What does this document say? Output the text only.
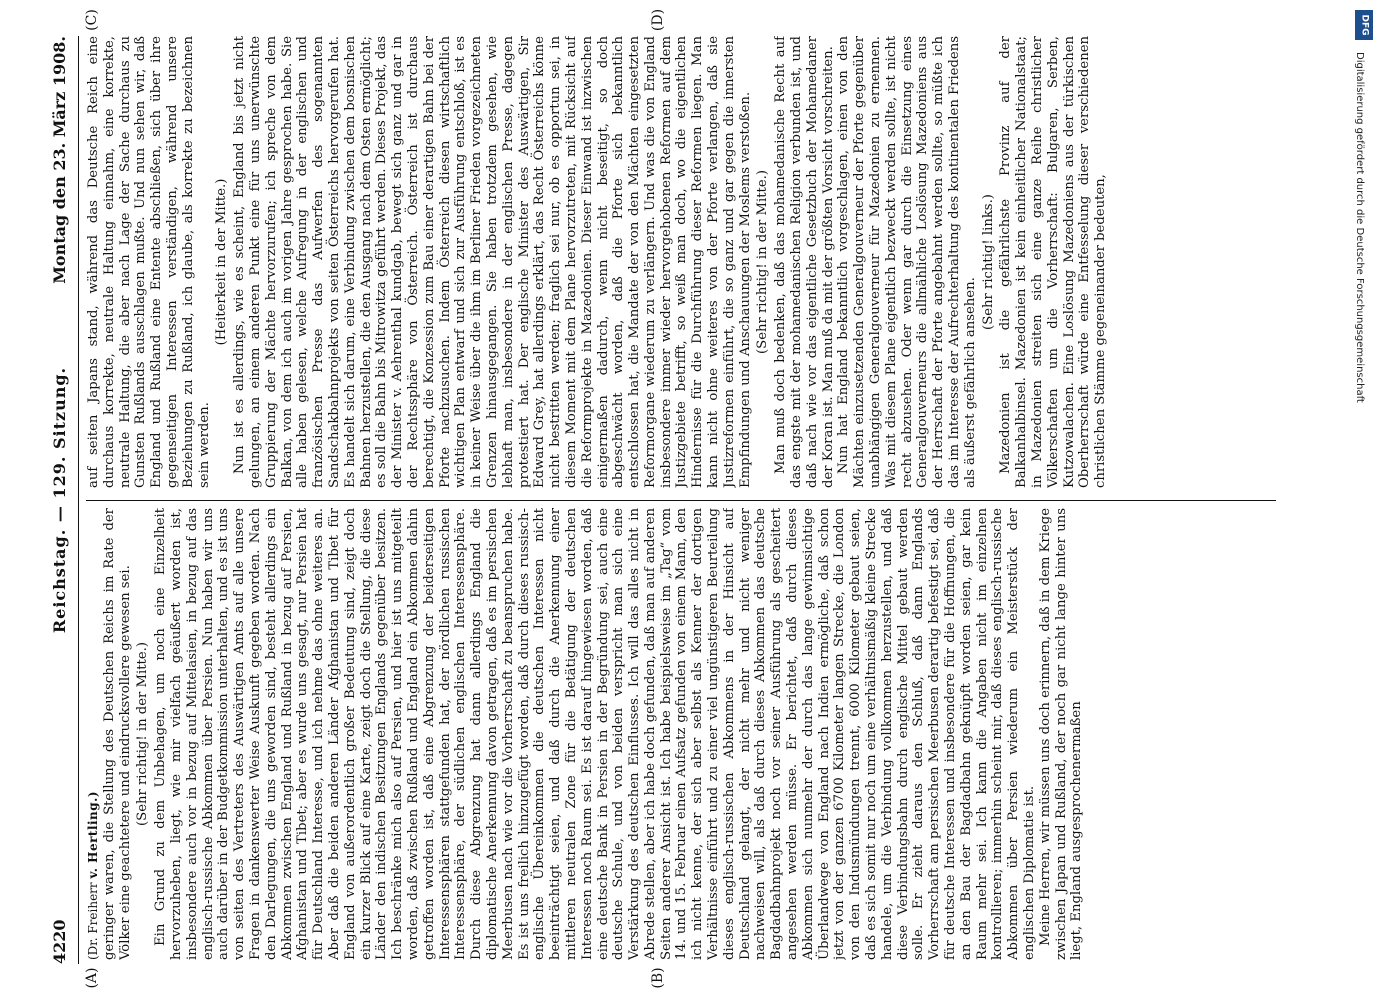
4220
Reichstag. — 129. Sitzung.
Montag den 23. März 1908.
(A)	(B)
(C)	(D)

(Dr. Freiherr v. Hertling.) geringer waren, die Stellung des Deutschen Reichs im Rate der Völker eine geachtetere und eindrucksvollere gewesen sei. (Sehr richtig! in der Mitte.) Ein Grund zu dem Unbehagen, um noch eine Einzelheit hervorzuheben, liegt, wie mir vielfach geäußert worden ist, insbesondere auch vor in bezug auf Mittelasien, in bezug auf das englisch-russische Abkommen über Persien. Nun haben wir uns auch darüber in der Budgetkommission unterhalten, und es ist uns von seiten des Vertreters des Auswärtigen Amts auf alle unsere Fragen in dankenswerter Weise Auskunft gegeben worden. Nach den Darlegungen, die uns geworden sind, besteht allerdings ein Abkommen zwischen England und Rußland in bezug auf Persien, Afghanistan und Tibet; aber es wurde uns gesagt, nur Persien hat für Deutschland Interesse, und ich nehme das ohne weiteres an. Aber daß die beiden anderen Länder Afghanistan und Tibet für England von außerordentlich großer Bedeutung sind, zeigt doch ein kurzer Blick auf eine Karte, zeigt doch die Stellung, die diese Länder den indischen Besitzungen Englands gegenüber besitzen. Ich beschränke mich also auf Persien, und hier ist uns mitgeteilt worden, daß zwischen Rußland und England ein Abkommen dahin getroffen worden ist, daß eine Abgrenzung der beiderseitigen Interessensphären stattgefunden hat, der nördlichen russischen Interessensphäre, der südlichen englischen Interessensphäre. Durch diese Abgrenzung hat dann allerdings England die diplomatische Anerkennung davon getragen, daß es im persischen Meerbusen nach wie vor die Vorherrschaft zu beanspruchen habe. Es ist uns freilich hinzugefügt worden, daß durch dieses russisch-englische Übereinkommen die deutschen Interessen nicht beeinträchtigt seien, und daß durch die Anerkennung einer mittleren neutralen Zone für die Betätigung der deutschen Interessen noch Raum sei. Es ist darauf hingewiesen worden, daß eine deutsche Bank in Persien in der Begründung sei, auch eine deutsche Schule, und von beiden verspricht man sich eine Verstärkung des deutschen Einflusses. Ich will das alles nicht in Abrede stellen, aber ich habe doch gefunden, daß man auf anderen Seiten anderer Ansicht ist. Ich habe beispielsweise im „Tag“ vom 14. und 15. Februar einen Aufsatz gefunden von einem Mann, den ich nicht kenne, der sich aber selbst als Kenner der dortigen Verhältnisse einführt und zu einer viel ungünstigeren Beurteilung dieses englisch-russischen Abkommens in der Hinsicht auf Deutschland gelangt, der nicht mehr und nicht weniger nachweisen will, als daß durch dieses Abkommen das deutsche Bagdadbahnprojekt noch vor seiner Ausführung als gescheitert angesehen werden müsse. Er berichtet, daß durch dieses Abkommen sich nunmehr der durch das lange gewinnsichtige Überlandwege von England nach Indien ermögliche, daß schon jetzt von der ganzen 6700 Kilometer langen Strecke, die London von den Indusmündungen trennt, 6000 Kilometer gebaut seien, daß es sich somit nur noch um eine verhältnismäßig kleine Strecke handele, um die Verbindung vollkommen herzustellen, und daß diese Verbindungsbahn durch englische Mittel gebaut werden solle. Er zieht daraus den Schluß, daß dann Englands Vorherrschaft am persischen Meerbusen derartig befestigt sei, daß für deutsche Interessen und insbesondere für die Hoffnungen, die an den Bau der Bagdadbahn geknüpft worden seien, gar kein Raum mehr sei. Ich kann die Angaben nicht im einzelnen kontrollieren; immerhin scheint mir, daß dieses englisch-russische Abkommen über Persien wiederum ein Meisterstück der englischen Diplomatie ist. Meine Herren, wir müssen uns doch erinnern, daß in dem Kriege zwischen Japan und Rußland, der noch gar nicht lange hinter uns liegt, England ausgesprochenermaßen

auf seiten Japans stand, während das Deutsche Reich eine durchaus korrekte, neutrale Haltung einnahm, eine korrekte, neutrale Haltung, die aber nach Lage der Sache durchaus zu Gunsten Rußlands ausschlagen mußte. Und nun sehen wir, daß England und Rußland eine Entente abschließen, sich über ihre gegenseitigen Interessen verständigen, während unsere Beziehungen zu Rußland, ich glaube, als korrekte zu bezeichnen sein werden.

(Heiterkeit in der Mitte.) Nun ist es allerdings, wie es scheint, England bis jetzt nicht gelungen, an einem anderen Punkt eine für uns unerwünschte Gruppierung der Mächte hervorzurufen; ich spreche von dem Balkan, von dem ich auch im vorigen Jahre gesprochen habe. Sie alle haben gelesen, welche Aufregung in der englischen und französischen Presse das Aufwerfen des sogenannten Sandschakbahnprojekts von seiten Österreichs hervorgerufen hat. Es handelt sich darum, eine Verbindung zwischen dem bosnischen Bahnen herzustellen, die den Ausgang nach dem Osten ermöglicht; es soll die Bahn bis Mitrowitza geführt werden. Dieses Projekt, das der Minister v. Aehrenthal kundgab, bewegt sich ganz und gar in der Rechtssphäre von Österreich. Österreich ist durchaus berechtigt, die Konzession zum Bau einer derartigen Bahn bei der Pforte nachzusuchen. Indem Österreich diesen wirtschaftlich wichtigen Plan entwarf und sich zur Ausführung entschloß, ist es in keiner Weise über die ihm im Berliner Frieden vorgezeichneten Grenzen hinausgegangen. Sie haben trotzdem gesehen, wie lebhaft man, insbesondere in der englischen Presse, dagegen protestiert hat. Der englische Minister des Auswärtigen, Sir Edward Grey, hat allerdings erklärt, das Recht Österreichs könne nicht bestritten werden; fraglich sei nur, ob es opportun sei, in diesem Moment mit dem Plane hervorzutreten, mit Rücksicht auf die Reformprojekte in Mazedonien. Dieser Einwand ist inzwischen einigermaßen dadurch, wenn nicht beseitigt, so doch abgeschwächt worden, daß die Pforte sich bekanntlich entschlossen hat, die Mandate der von den Mächten eingesetzten Reformorgane wiederum zu verlängern. Und was die von England insbesondere immer wieder hervorgehobenen Reformen auf dem Justizgebiete betrifft, so weiß man doch, wo die eigentlichen Hindernisse für die Durchführung dieser Reformen liegen. Man kann nicht ohne weiteres von der Pforte verlangen, daß sie Justizreformen einführt, die so ganz und gar gegen die innersten Empfindungen und Anschauungen der Moslems verstoßen. (Sehr richtig! in der Mitte.) Man muß doch bedenken, daß das mohamedanische Recht auf das engste mit der mohamedanischen Religion verbunden ist, und daß nach wie vor das eigentliche Gesetzbuch der Mohamedaner der Koran ist. Man muß da mit der größten Vorsicht vorschreiten. Nun hat England bekanntlich vorgeschlagen, einen von den Mächten einzusetzenden Generalgouverneur der Pforte gegenüber unabhängigen Generalgouverneur für Mazedonien zu ernennen. Was mit diesem Plane eigentlich bezweckt werden sollte, ist nicht recht abzusehen. Oder wenn gar durch die Einsetzung eines Generalgouverneurs die allmähliche Loslösung Mazedoniens aus der Herrschaft der Pforte angebahnt werden sollte, so müßte ich das im Interesse der Aufrechterhaltung des kontinentalen Friedens als äußerst gefährlich ansehen.

(Sehr richtig! links.) Mazedonien ist die gefährlichste Provinz auf der Balkanhalbinsel. Mazedonien ist kein einheitlicher Nationalstaat; in Mazedonien streiten sich eine ganze Reihe christlicher Völkerschaften um die Vorherrschaft: Bulgaren, Serben, Kutzowalachen. Eine Loslösung Mazedoniens aus der türkischen Oberherrschaft würde eine Entfesselung dieser verschiedenen christlichen Stämme gegeneinander bedeuten,

DFG
Digitalisierung gefördert durch die Deutsche Forschungsgemeinschaft
